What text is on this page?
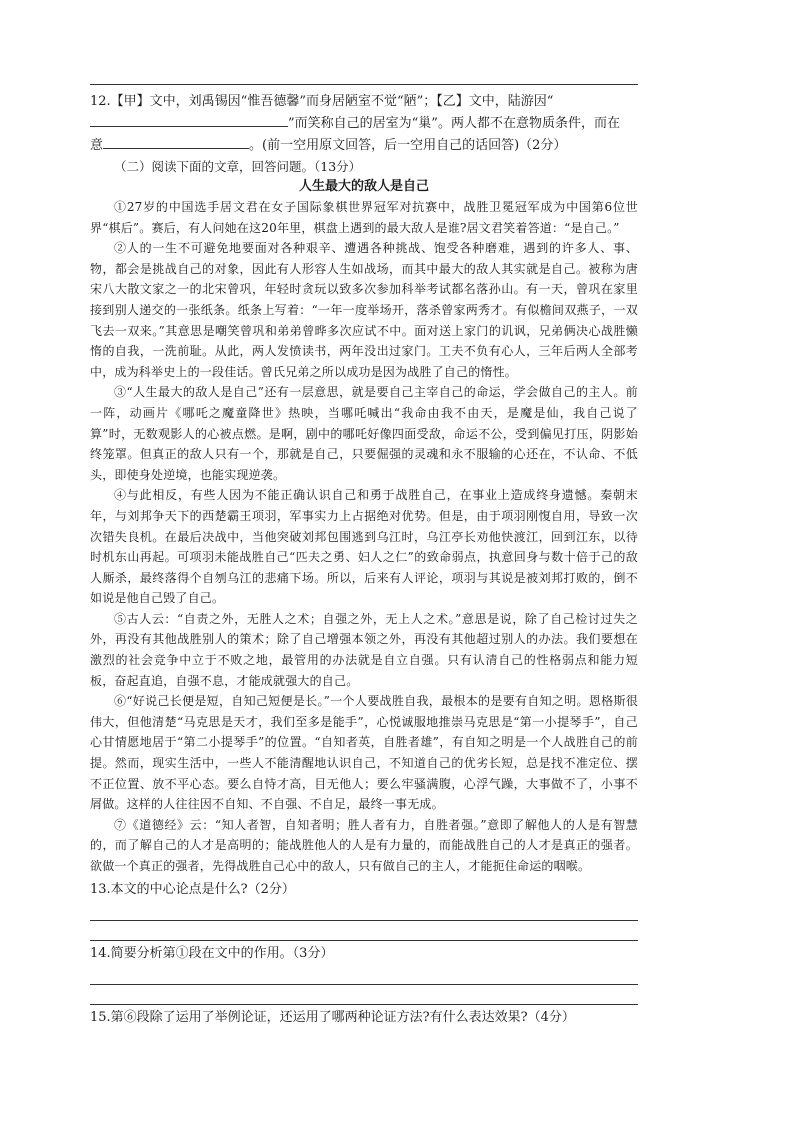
12.【甲】文中，刘禹锡因“惟吾德馨”而身居陋室不觉“陋”；【乙】文中，陆游因“
”而笑称自己的居室为“巢”。两人都不在意物质条件，而在
意	。(前一空用原文回答，后一空用自己的话回答)（2分）
（二）阅读下面的文章，回答问题。（13分）
人生最大的敌人是自己

①27岁的中国选手居文君在女子国际象棋世界冠军对抗赛中，战胜卫冕冠军成为中国第6位世界“棋后”。赛后，有人问她在这20年里，棋盘上遇到的最大敌人是谁?居文君笑着答道：“是自己。”

②人的一生不可避免地要面对各种艰辛、遭遇各种挑战、饱受各种磨难，遇到的许多人、事、物，都会是挑战自己的对象，因此有人形容人生如战场，而其中最大的敌人其实就是自己。被称为唐宋八大散文家之一的北宋曾巩，年轻时贪玩以致多次参加科举考试都名落孙山。有一天，曾巩在家里接到别人递交的一张纸条。纸条上写着：“一年一度举场开，落杀曾家两秀才。有似檐间双燕子，一双飞去一双来。”其意思是嘲笑曾巩和弟弟曾晔多次应试不中。面对送上家门的讥讽，兄弟俩决心战胜懒惰的自我，一洗前耻。从此，两人发愤读书，两年没出过家门。工夫不负有心人，三年后两人全部考中，成为科举史上的一段佳话。曾氏兄弟之所以成功是因为战胜了自己的惰性。

③“人生最大的敌人是自己”还有一层意思，就是要自己主宰自己的命运，学会做自己的主人。前一阵，动画片《哪吒之魔童降世》热映，当哪吒喊出“我命由我不由天，是魔是仙，我自己说了算”时，无数观影人的心被点燃。是啊，剧中的哪吒好像四面受敌，命运不公，受到偏见打压，阴影始终笼罩。但真正的敌人只有一个，那就是自己，只要倔强的灵魂和永不服输的心还在，不认命、不低头，即使身处逆境，也能实现逆袭。

④与此相反，有些人因为不能正确认识自己和勇于战胜自己，在事业上造成终身遗憾。秦朝末年，与刘邦争天下的西楚霸王项羽，军事实力上占据绝对优势。但是，由于项羽刚愎自用，导致一次次错失良机。在最后决战中，当他突破刘邦包围逃到乌江时，乌江亭长劝他快渡江，回到江东，以待时机东山再起。可项羽未能战胜自己“匹夫之勇、妇人之仁”的致命弱点，执意回身与数十倍于己的敌人厮杀，最终落得个自刎乌江的悲痛下场。所以，后来有人评论，项羽与其说是被刘邦打败的，倒不如说是他自己毁了自己。

⑤古人云：“自责之外，无胜人之术；自强之外，无上人之术。”意思是说，除了自己检讨过失之外，再没有其他战胜别人的策术；除了自己增强本领之外，再没有其他超过别人的办法。我们要想在激烈的社会竞争中立于不败之地，最管用的办法就是自立自强。只有认清自己的性格弱点和能力短板，奋起直追，自强不息，才能成就强大的自己。

⑥“好说己长便是短，自知己短便是长。”一个人要战胜自我，最根本的是要有自知之明。恩格斯很伟大，但他清楚“马克思是天才，我们至多是能手”，心悦诚服地推崇马克思是“第一小提琴手”，自己心甘情愿地居于“第二小提琴手”的位置。“自知者英，自胜者雄”，有自知之明是一个人战胜自己的前提。然而，现实生活中，一些人不能清醒地认识自己，不知道自己的优劣长短，总是找不准定位、摆不正位置、放不平心态。要么自恃才高，目无他人；要么牢骚满腹，心浮气躁，大事做不了，小事不屑做。这样的人往往因不自知、不自强、不自足，最终一事无成。

⑦《道德经》云：“知人者智，自知者明；胜人者有力，自胜者强。”意即了解他人的人是有智慧的，而了解自己的人才是高明的；能战胜他人的人是有力量的，而能战胜自己的人才是真正的强者。欲做一个真正的强者，先得战胜自己心中的敌人，只有做自己的主人，才能扼住命运的咽喉。

13.本文的中心论点是什么?（2分）
14.简要分析第①段在文中的作用。（3分）
15.第⑥段除了运用了举例论证，还运用了哪两种论证方法?有什么表达效果?（4分）
